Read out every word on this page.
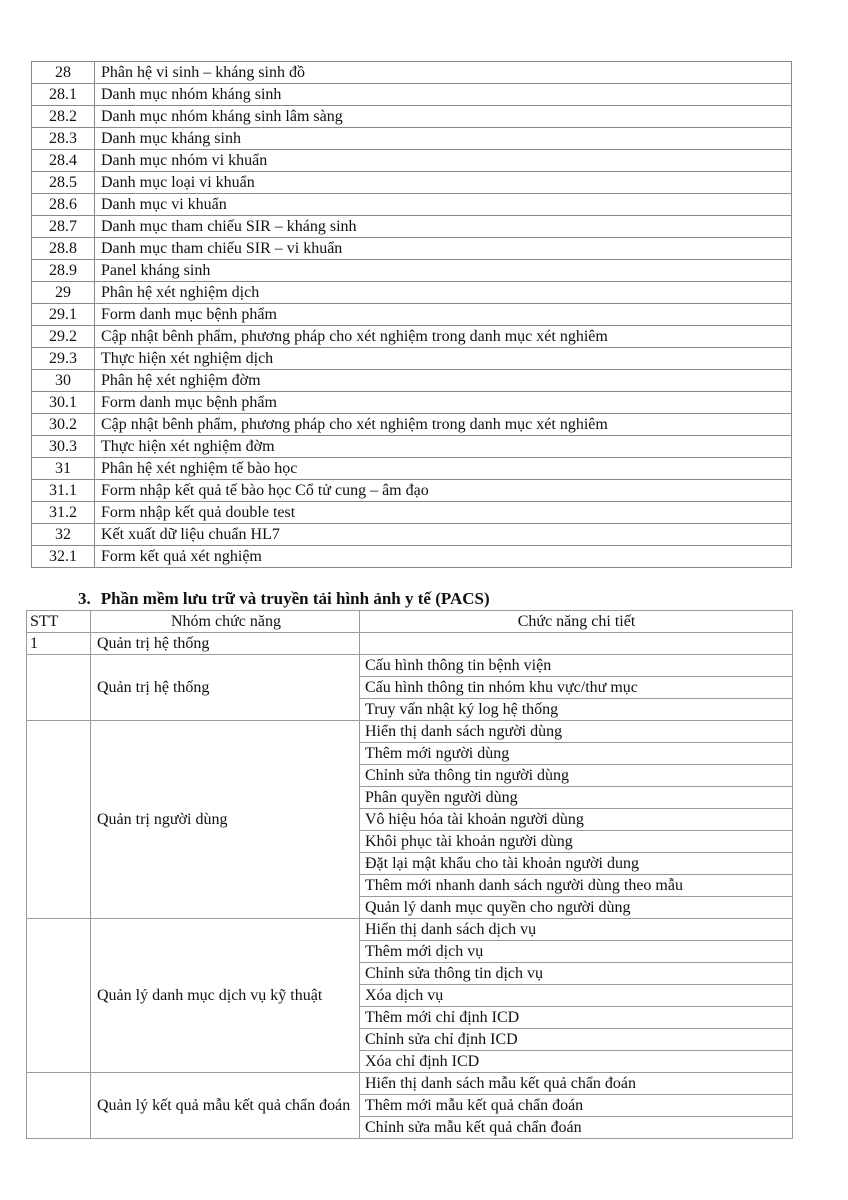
28	Phân hệ vi sinh – kháng sinh đồ
28.1	Danh mục nhóm kháng sinh
28.2	Danh mục nhóm kháng sinh lâm sàng
28.3	Danh mục kháng sinh
28.4	Danh mục nhóm vi khuẩn
28.5	Danh mục loại vi khuẩn
28.6	Danh mục vi khuẩn
28.7	Danh mục tham chiếu SIR – kháng sinh
28.8	Danh mục tham chiếu SIR – vi khuẩn
28.9	Panel kháng sinh
29	Phân hệ xét nghiệm dịch
29.1	Form danh mục bệnh phẩm
29.2	Cập nhật bênh phẩm, phương pháp cho xét nghiệm trong danh mục xét nghiêm
29.3	Thực hiện xét nghiệm dịch
30	Phân hệ xét nghiệm đờm
30.1	Form danh mục bệnh phẩm
30.2	Cập nhật bênh phẩm, phương pháp cho xét nghiệm trong danh mục xét nghiêm
30.3	Thực hiện xét nghiệm đờm
31	Phân hệ xét nghiệm tế bào học
31.1	Form nhập kết quả tế bào học Cổ tử cung – âm đạo
31.2	Form nhập kết quả double test
32	Kết xuất dữ liệu chuẩn HL7
32.1	Form kết quả xét nghiệm
3. Phần mềm lưu trữ và truyền tải hình ảnh y tế (PACS)
STT	Nhóm chức năng	Chức năng chi tiết
1	Quản trị hệ thống	
	Quản trị hệ thống	Cấu hình thông tin bệnh viện
		Cấu hình thông tin nhóm khu vực/thư mục
		Truy vấn nhật ký log hệ thống
	Quản trị người dùng	Hiển thị danh sách người dùng
		Thêm mới người dùng
		Chỉnh sửa thông tin người dùng
		Phân quyền người dùng
		Vô hiệu hóa tài khoản người dùng
		Khôi phục tài khoản người dùng
		Đặt lại mật khẩu cho tài khoản người dung
		Thêm mới nhanh danh sách người dùng theo mẫu
		Quản lý danh mục quyền cho người dùng
	Quản lý danh mục dịch vụ kỹ thuật	Hiển thị danh sách dịch vụ
		Thêm mới dịch vụ
		Chỉnh sửa thông tin dịch vụ
		Xóa dịch vụ
		Thêm mới chỉ định ICD
		Chỉnh sửa chỉ định ICD
		Xóa chỉ định ICD
	Quản lý kết quả mẫu kết quả chẩn đoán	Hiển thị danh sách mẫu kết quả chẩn đoán
		Thêm mới mẫu kết quả chẩn đoán
		Chỉnh sửa mẫu kết quả chẩn đoán
